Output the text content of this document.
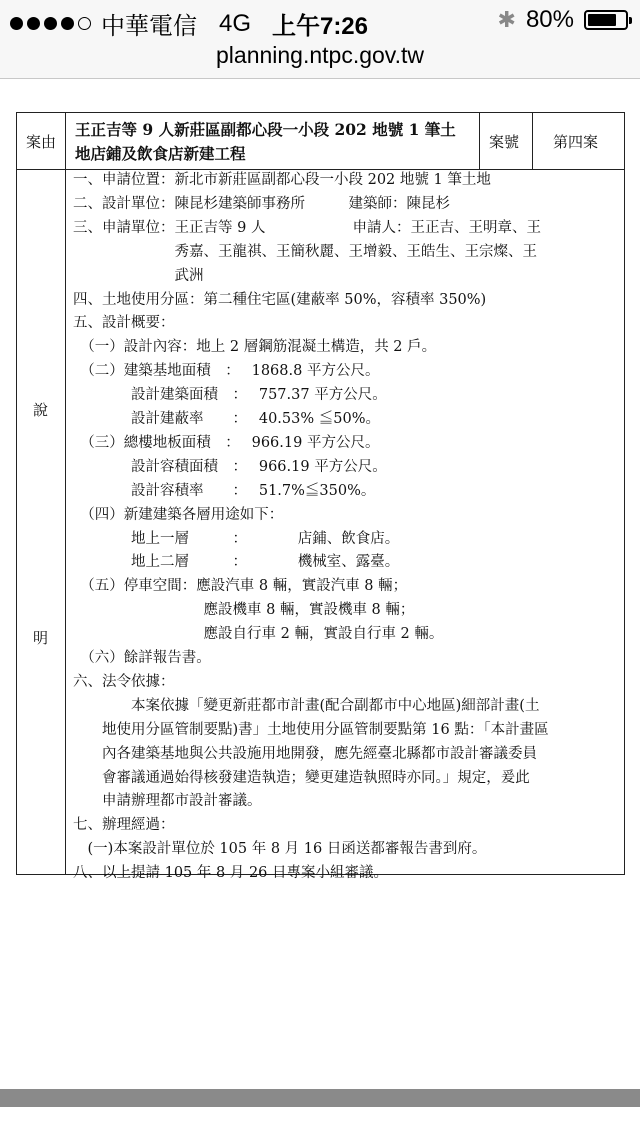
中華電信 4G 上午7:26	✱ 80%
planning.ntpc.gov.tw
案由
王正吉等 9 人新莊區副都心段一小段 202 地號 1 筆土
地店鋪及飲食店新建工程
案號 第四案
說
明
一、申請位置：新北市新莊區副都心段一小段 202 地號 1 筆土地
二、設計單位：陳昆杉建築師事務所　　　建築師：陳昆杉
三、申請單位：王正吉等 9 人　　　　　　申請人：王正吉、王明章、王
　　　　　　　秀嘉、王龍祺、王簡秋麗、王增毅、王皓生、王宗燦、王
　　　　　　　武洲
四、土地使用分區：第二種住宅區(建蔽率 50%，容積率 350%)
五、設計概要：
　（一）設計內容：地上 2 層鋼筋混凝土構造，共 2 戶。
　（二）建築基地面積　：　 1868.8 平方公尺。
　　　　設計建築面積　：　 757.37 平方公尺。
　　　　設計建蔽率　　：　 40.53% ≦50%。
　（三）總樓地板面積　：　 966.19 平方公尺。
　　　　設計容積面積　：　 966.19 平方公尺。
　　　　設計容積率　　：　 51.7%≦350%。
　（四）新建建築各層用途如下：
　　　　地上一層　　　：　　　　店鋪、飲食店。
　　　　地上二層　　　：　　　　機械室、露臺。
　（五）停車空間：應設汽車 8 輛，實設汽車 8 輛；
　　　　　　　　　應設機車 8 輛，實設機車 8 輛；
　　　　　　　　　應設自行車 2 輛，實設自行車 2 輛。
　（六）餘詳報告書。
六、法令依據：
　　　　本案依據「變更新莊都市計畫(配合副都市中心地區)細部計畫(土
　　地使用分區管制要點)書」土地使用分區管制要點第 16 點：「本計畫區
　　內各建築基地與公共設施用地開發，應先經臺北縣都市設計審議委員
　　會審議通過始得核發建造執造；變更建造執照時亦同。」規定，爰此
　　申請辦理都市設計審議。
七、辦理經過：
　(一)本案設計單位於 105 年 8 月 16 日函送都審報告書到府。
八、以上提請 105 年 8 月 26 日專案小組審議。
